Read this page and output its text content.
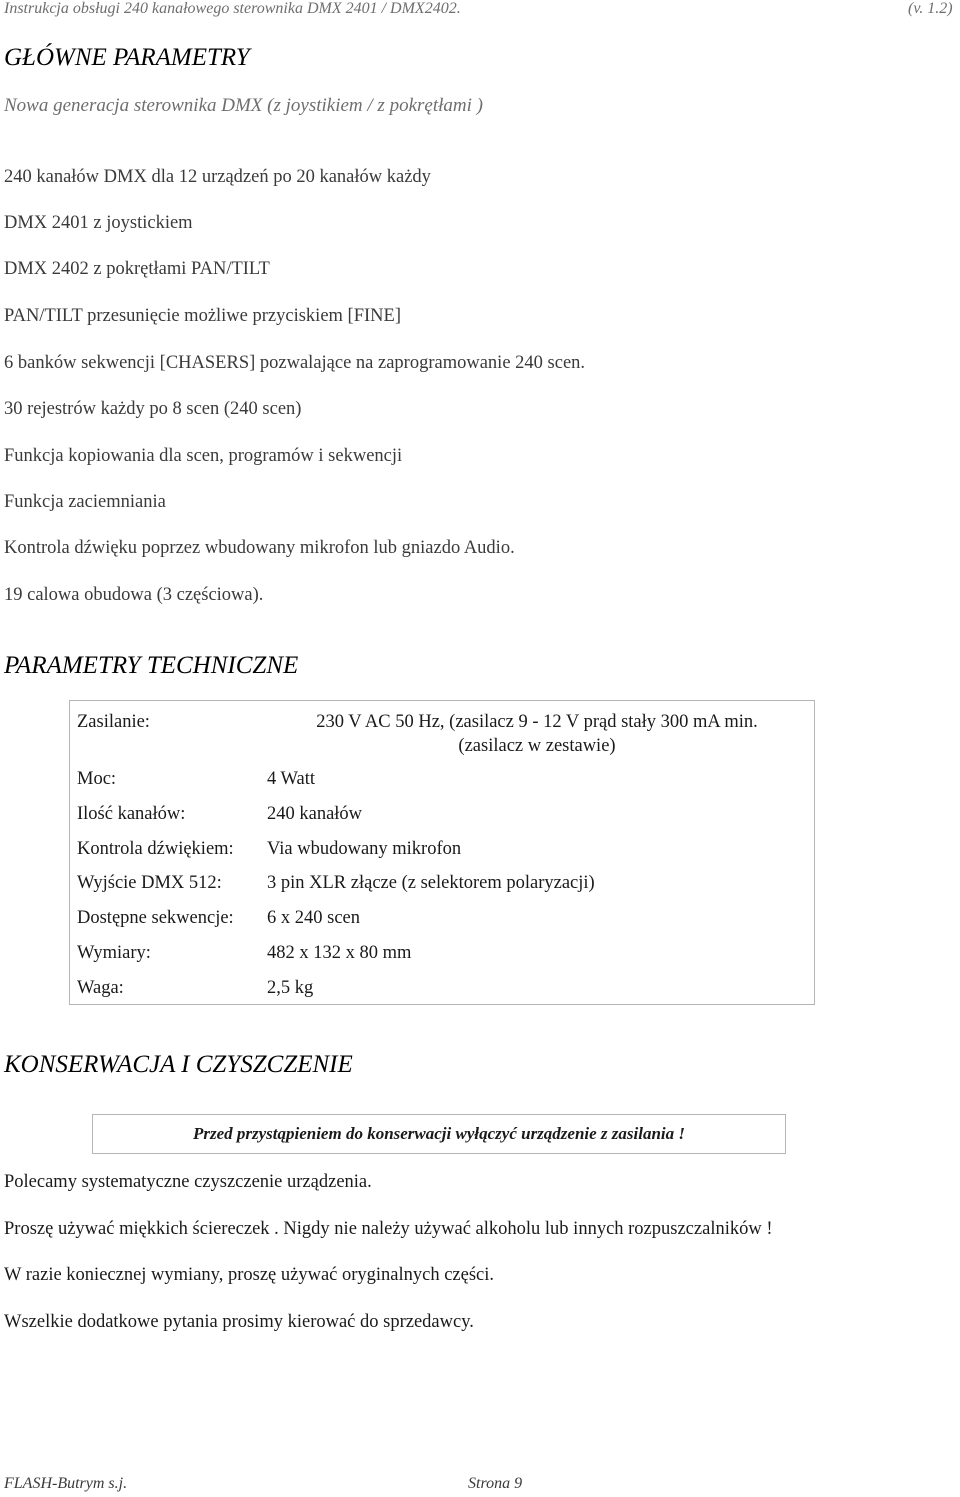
Instrukcja obsługi 240 kanałowego sterownika DMX 2401 / DMX2402.	(v. 1.2)
GŁÓWNE PARAMETRY
Nowa generacja sterownika DMX (z joystikiem / z pokrętłami )
240 kanałów DMX dla 12 urządzeń po 20 kanałów każdy
DMX 2401 z joystickiem
DMX 2402 z pokrętłami PAN/TILT
PAN/TILT przesunięcie możliwe przyciskiem [FINE]
6 banków sekwencji [CHASERS] pozwalające na zaprogramowanie 240 scen.
30 rejestrów każdy po 8 scen (240 scen)
Funkcja kopiowania dla scen, programów i sekwencji
Funkcja zaciemniania
Kontrola dźwięku poprzez wbudowany mikrofon lub gniazdo Audio.
19 calowa obudowa (3 częściowa).
PARAMETRY TECHNICZNE
Zasilanie:	230 V AC 50 Hz, (zasilacz 9 - 12 V prąd stały 300 mA min.
(zasilacz w zestawie)
Moc:	4 Watt
Ilość kanałów:	240 kanałów
Kontrola dźwiękiem: Via wbudowany mikrofon
Wyjście DMX 512: 3 pin XLR złącze (z selektorem polaryzacji)
Dostępne sekwencje: 6 x 240 scen
Wymiary:	482 x 132 x 80 mm
Waga:	2,5 kg
KONSERWACJA I CZYSZCZENIE
Przed przystąpieniem do konserwacji wyłączyć urządzenie z zasilania !
Polecamy systematyczne czyszczenie urządzenia.
Proszę używać miękkich ściereczek . Nigdy nie należy używać alkoholu lub innych rozpuszczalników !
W razie koniecznej wymiany, proszę używać oryginalnych części.
Wszelkie dodatkowe pytania prosimy kierować do sprzedawcy.
FLASH-Butrym s.j.	Strona 9
